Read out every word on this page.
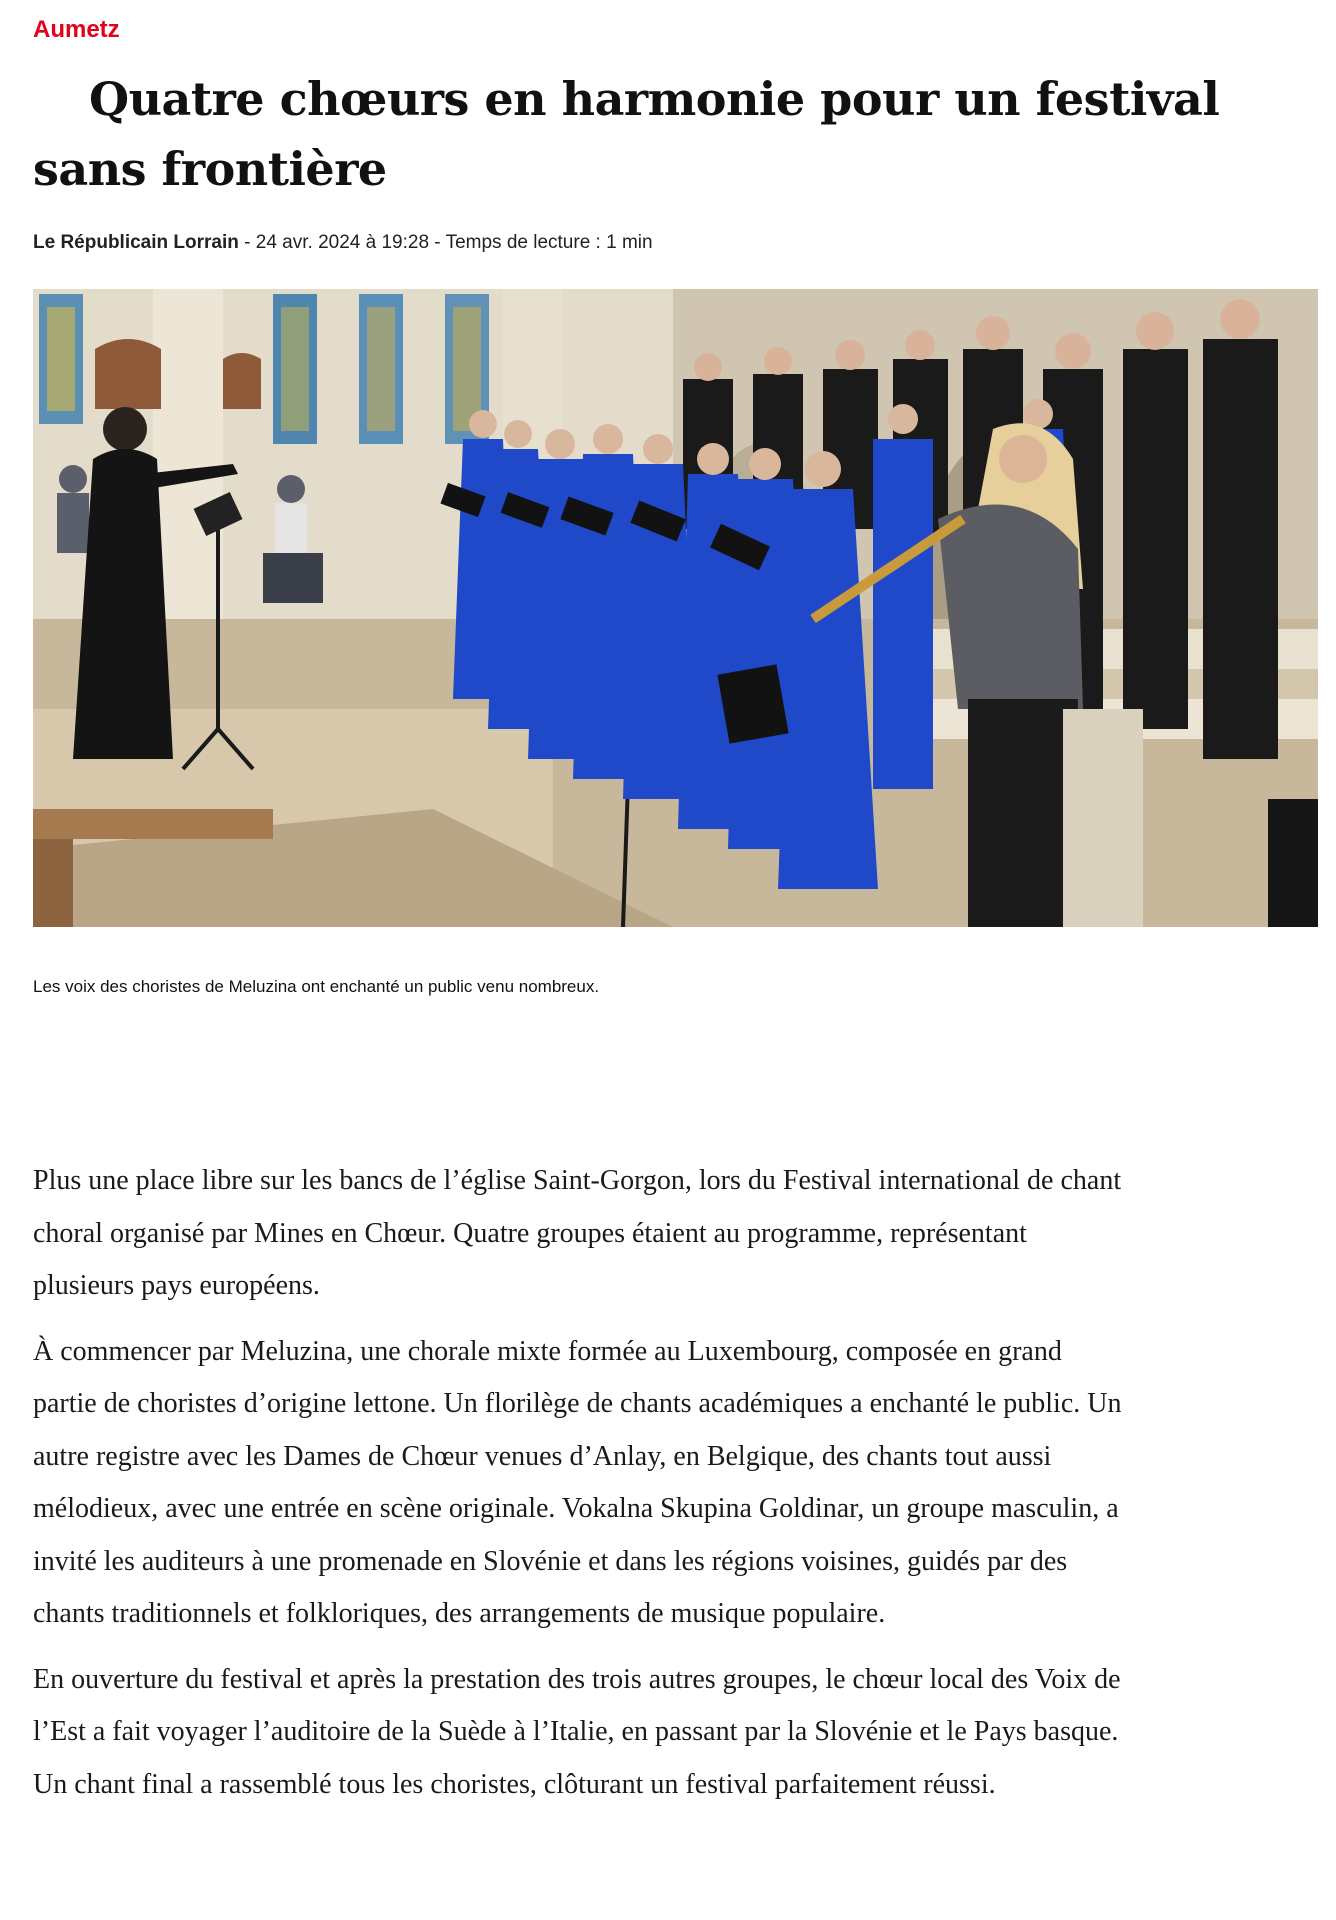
Aumetz
Quatre chœurs en harmonie pour un festival sans frontière
Le Républicain Lorrain - 24 avr. 2024 à 19:28 - Temps de lecture : 1 min
Les voix des choristes de Meluzina ont enchanté un public venu nombreux.

Plus une place libre sur les bancs de l’église Saint-Gorgon, lors du Festival international de chant choral organisé par Mines en Chœur. Quatre groupes étaient au programme, représentant plusieurs pays européens.

À commencer par Meluzina, une chorale mixte formée au Luxembourg, composée en grand partie de choristes d’origine lettone. Un florilège de chants académiques a enchanté le public. Un autre registre avec les Dames de Chœur venues d’Anlay, en Belgique, des chants tout aussi mélodieux, avec une entrée en scène originale. Vokalna Skupina Goldinar, un groupe masculin, a invité les auditeurs à une promenade en Slovénie et dans les régions voisines, guidés par des chants traditionnels et folkloriques, des arrangements de musique populaire.

En ouverture du festival et après la prestation des trois autres groupes, le chœur local des Voix de l’Est a fait voyager l’auditoire de la Suède à l’Italie, en passant par la Slovénie et le Pays basque. Un chant final a rassemblé tous les choristes, clôturant un festival parfaitement réussi.
